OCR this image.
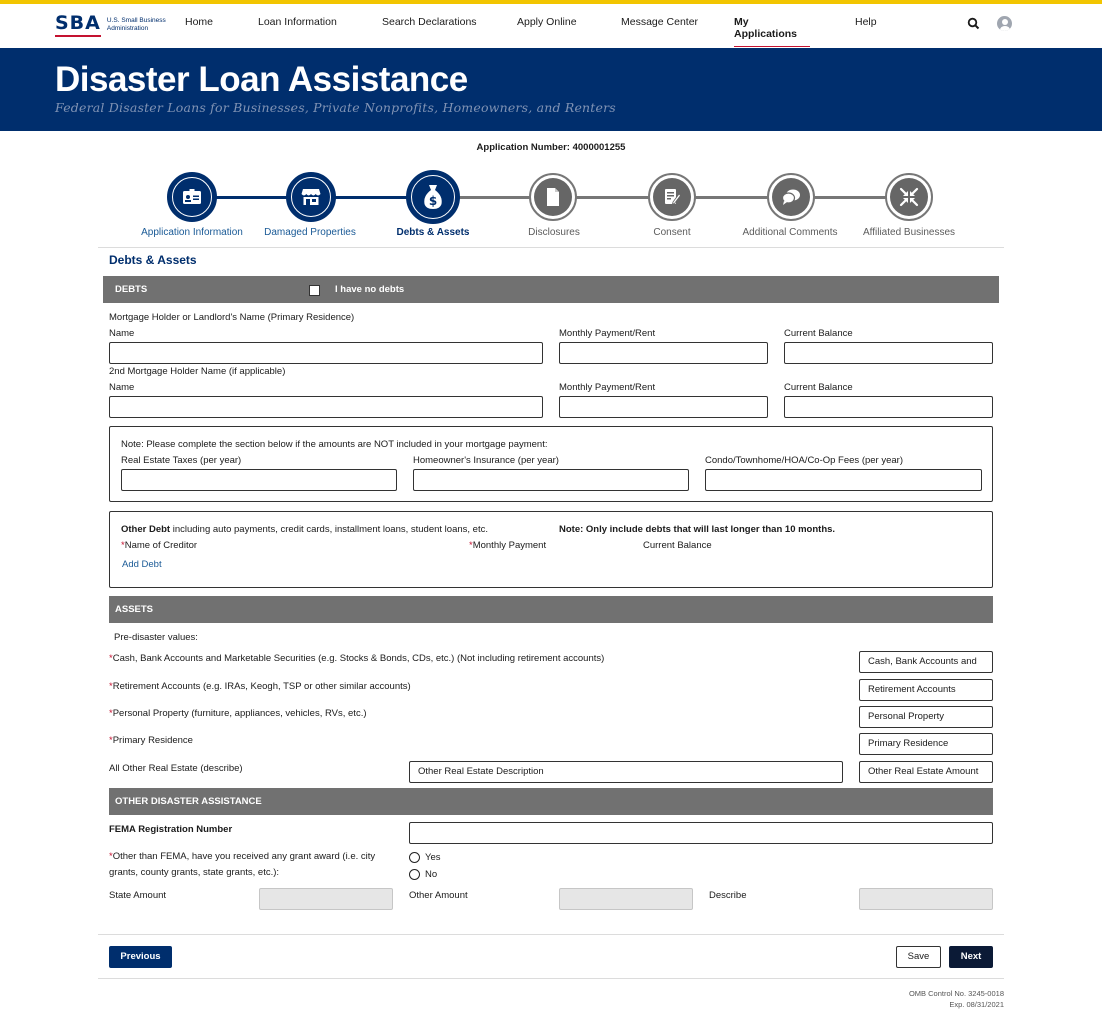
SBA U.S. Small Business Administration	Home	Loan Information	Search Declarations	Apply Online	Message Center	My Applications
Help
Disaster Loan Assistance
Federal Disaster Loans for Businesses, Private Nonprofits, Homeowners, and Renters
Application Number: 4000001255
$
Application Information	Damaged Properties	Debts & Assets	Disclosures	Consent	Additional Comments	Affiliated Businesses
Debts & Assets
DEBTS	I have no debts
Mortgage Holder or Landlord's Name (Primary Residence)
Name	Monthly Payment/Rent	Current Balance
2nd Mortgage Holder Name (if applicable)
Name	Monthly Payment/Rent	Current Balance
Note: Please complete the section below if the amounts are NOT included in your mortgage payment:
Real Estate Taxes (per year)	Homeowner's Insurance (per year)	Condo/Townhome/HOA/Co-Op Fees (per year)
Other Debt including auto payments, credit cards, installment loans, student loans, etc.	Note: Only include debts that will last longer than 10 months.
*Name of Creditor	*Monthly Payment	Current Balance
Add Debt
ASSETS
Pre-disaster values:
*Cash, Bank Accounts and Marketable Securities (e.g. Stocks & Bonds, CDs, etc.) (Not including retirement accounts)	Cash, Bank Accounts and
*Retirement Accounts (e.g. IRAs, Keogh, TSP or other similar accounts)	Retirement Accounts
*Personal Property (furniture, appliances, vehicles, RVs, etc.)	Personal Property
*Primary Residence	Primary Residence
All Other Real Estate (describe)	Other Real Estate Description	Other Real Estate Amount
OTHER DISASTER ASSISTANCE
FEMA Registration Number
*Other than FEMA, have you received any grant award (i.e. city
grants, county grants, state grants, etc.):
Yes
No
State Amount	Other Amount	Describe
Previous	Save	Next
OMB Control No. 3245-0018
Exp. 08/31/2021
